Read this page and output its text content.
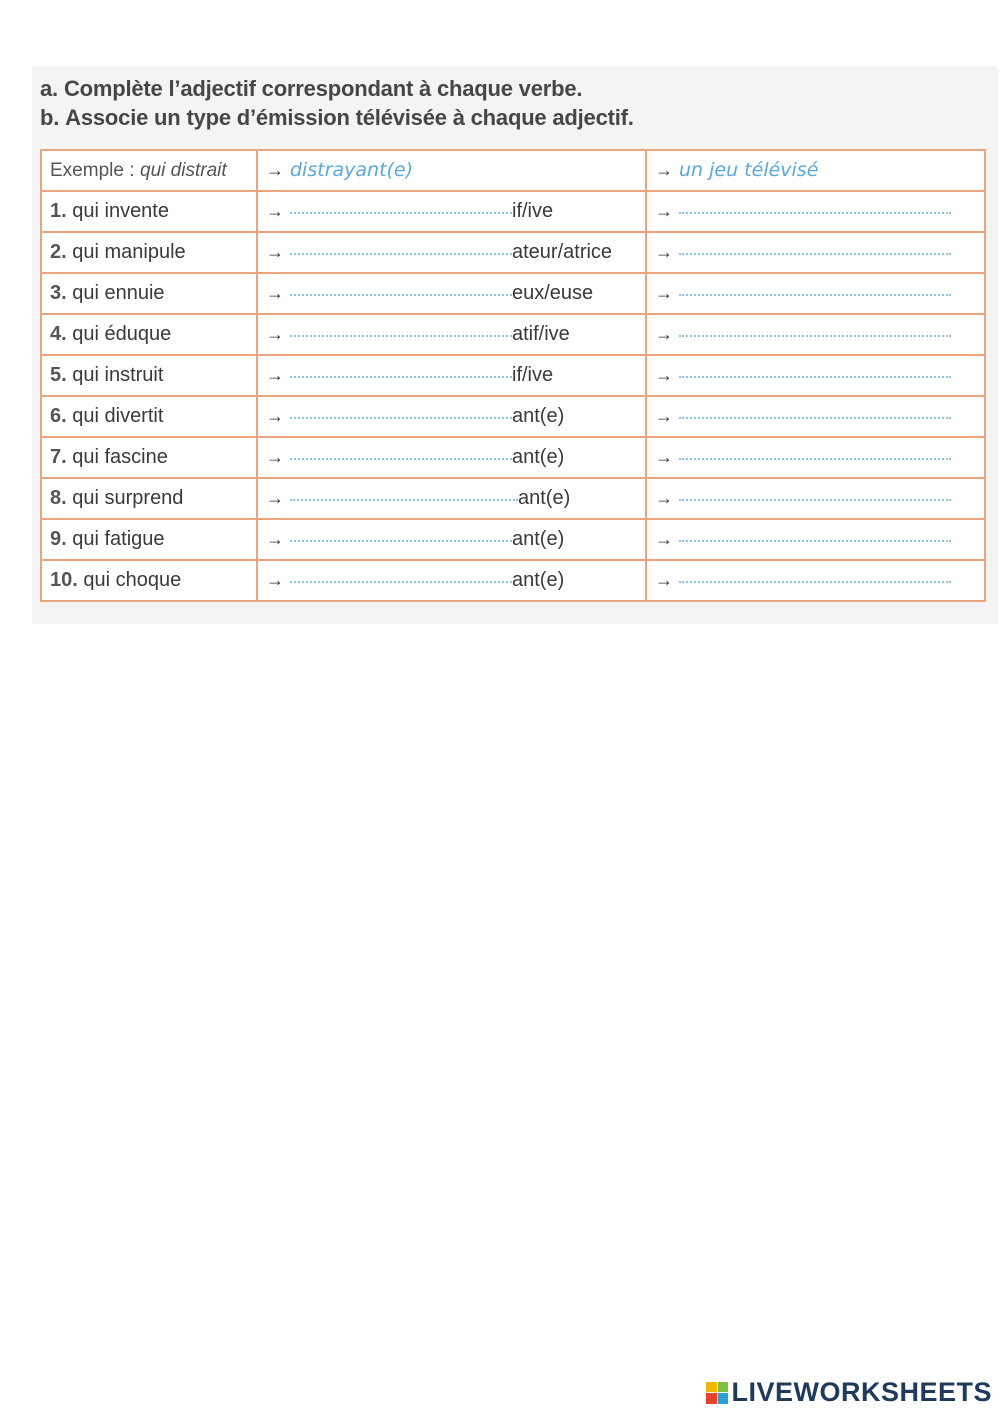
a. Complète l’adjectif correspondant à chaque verbe.
b. Associe un type d’émission télévisée à chaque adjectif.
Exemple : qui distrait	→ distrayant(e)	→ un jeu télévisé
1. qui invente	→ if/ive	→
2. qui manipule	→ ateur/atrice	→
3. qui ennuie	→ eux/euse	→
4. qui éduque	→ atif/ive	→
5. qui instruit	→ if/ive	→
6. qui divertit	→ ant(e)	→
7. qui fascine	→ ant(e)	→
8. qui surprend	→ ant(e)	→
9. qui fatigue	→ ant(e)	→
10. qui choque	→ ant(e)	→
LIVEWORKSHEETS
